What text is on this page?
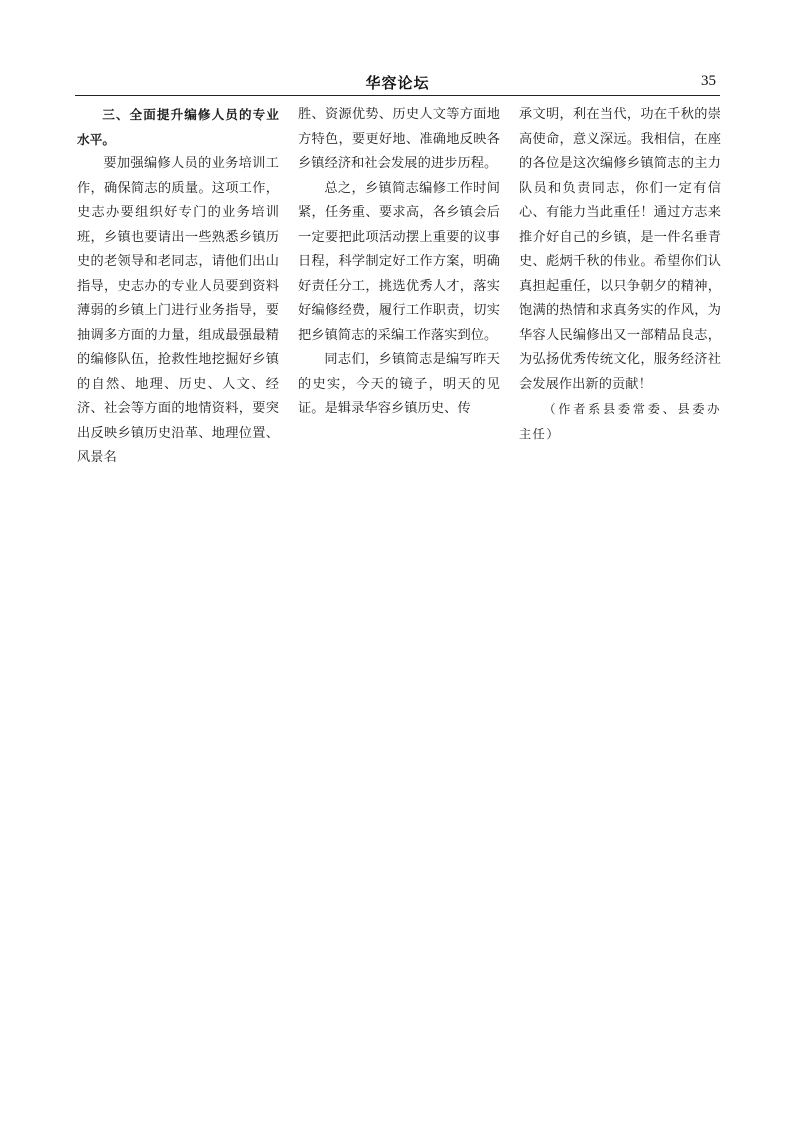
华容论坛	35

三、全面提升编修人员的专业水平。

要加强编修人员的业务培训工作，确保简志的质量。这项工作，史志办要组织好专门的业务培训班，乡镇也要请出一些熟悉乡镇历史的老领导和老同志，请他们出山指导，史志办的专业人员要到资料薄弱的乡镇上门进行业务指导，要抽调多方面的力量，组成最强最精的编修队伍，抢救性地挖掘好乡镇的自然、地理、历史、人文、经济、社会等方面的地情资料，要突出反映乡镇历史沿革、地理位置、风景名

胜、资源优势、历史人文等方面地方特色，要更好地、准确地反映各乡镇经济和社会发展的进步历程。

总之，乡镇简志编修工作时间紧，任务重、要求高，各乡镇会后一定要把此项活动摆上重要的议事日程，科学制定好工作方案，明确好责任分工，挑选优秀人才，落实好编修经费，履行工作职责，切实把乡镇简志的采编工作落实到位。

同志们，乡镇简志是编写昨天的史实，今天的镜子，明天的见证。是辑录华容乡镇历史、传

承文明，利在当代，功在千秋的崇高使命，意义深远。我相信，在座的各位是这次编修乡镇简志的主力队员和负责同志，你们一定有信心、有能力当此重任！通过方志来推介好自己的乡镇，是一件名垂青史、彪炳千秋的伟业。希望你们认真担起重任，以只争朝夕的精神，饱满的热情和求真务实的作风，为华容人民编修出又一部精品良志，为弘扬优秀传统文化，服务经济社会发展作出新的贡献！

（作者系县委常委、县委办主任）
